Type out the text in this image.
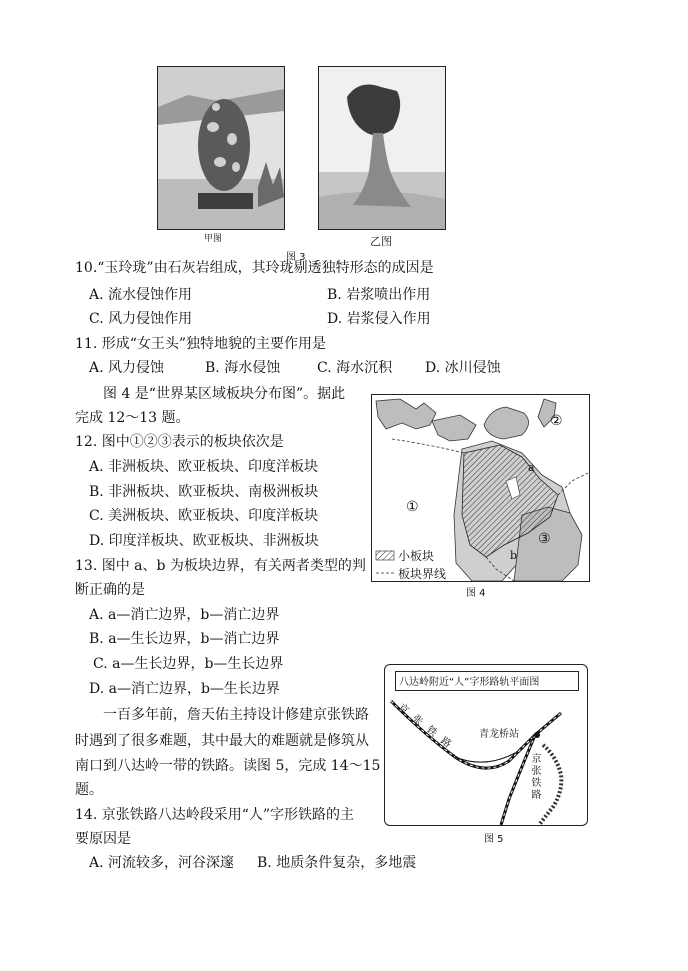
甲图	乙图
图 3
10.“玉玲珑”由石灰岩组成，其玲珑剔透独特形态的成因是
A. 流水侵蚀作用	B. 岩浆喷出作用
C. 风力侵蚀作用	D. 岩浆侵入作用
11. 形成“女王头”独特地貌的主要作用是
A. 风力侵蚀	B. 海水侵蚀	C. 海水沉积 D. 冰川侵蚀
图 4 是“世界某区域板块分布图”。据此
完成 12～13 题。
12. 图中①②③表示的板块依次是
A. 非洲板块、欧亚板块、印度洋板块
B. 非洲板块、欧亚板块、南极洲板块
C. 美洲板块、欧亚板块、印度洋板块
D. 印度洋板块、欧亚板块、非洲板块
13. 图中 a、b 为板块边界，有关两者类型的判
断正确的是
A. a—消亡边界，b—消亡边界
B. a—生长边界，b—消亡边界
C. a—生长边界，b—生长边界
D. a—消亡边界，b—生长边界
①
②
③
a
b
小板块
板块界线
图 4
一百多年前，詹天佑主持设计修建京张铁路
时遇到了很多难题，其中最大的难题就是修筑从
南口到八达岭一带的铁路。读图 5，完成 14～15
题。
八达岭附近“人”字形路轨平面图
青龙桥站
京张铁路
京张铁路
图 5
14. 京张铁路八达岭段采用“人”字形铁路的主
要原因是
A. 河流较多，河谷深邃 B. 地质条件复杂，多地震
